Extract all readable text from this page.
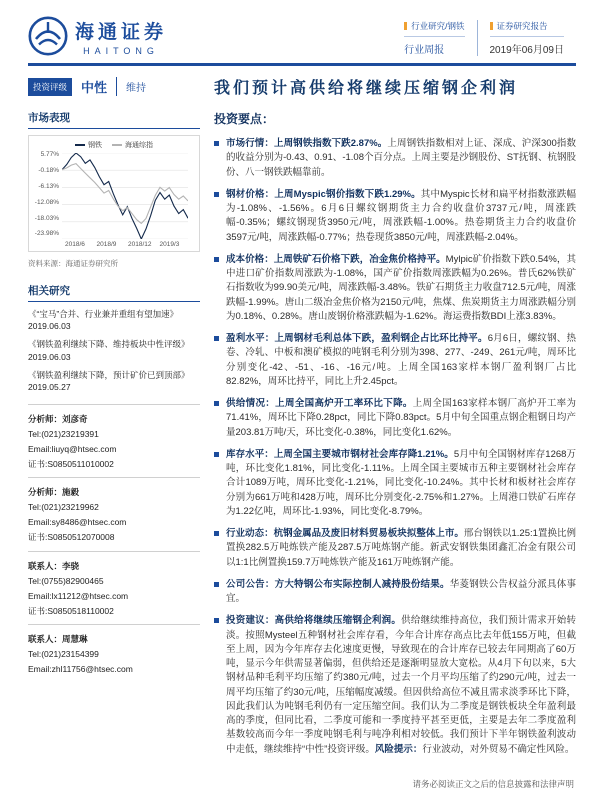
海通证券
HAITONG
行业研究/钢铁
行业周报
证券研究报告
2019年06月09日
投资评级	中性	维持	我们预计高供给将继续压缩钢企利润
市场表现
钢铁	海通综指
5.77%
-0.18%
-6.13%
-12.08%
-18.03%
-23.98%
2018/6 2018/9 2018/12 2019/3
资料来源：海通证券研究所
相关研究
《“宝马”合并、行业兼并重组有望加速》
2019.06.03
《钢铁盈利继续下降、维持板块中性评级》
2019.06.03
《钢铁盈利继续下降，预计矿价已到顶部》
2019.05.27
分析师：刘彦奇
Tel:(021)23219391
Email:liuyq@htsec.com
证书:S0850511010002
分析师：施毅
Tel:(021)23219962
Email:sy8486@htsec.com
证书:S0850512070008
联系人：李骁
Tel:(0755)82900465
Email:lx11212@htsec.com
证书:S0850518110002
联系人：周慧琳
Tel:(021)23154399
Email:zhl11756@htsec.com
投资要点：
市场行情：上周钢铁指数下跌2.87%。上周钢铁指数相对上证、深成、沪深300指数的收益分别为-0.43、0.91、-1.08个百分点。上周主要是沙钢股份、ST抚钢、杭钢股份、八一钢铁跌幅靠前。
钢材价格：上周Myspic钢价指数下跌1.29%。其中Myspic长材和扁平材指数涨跌幅为-1.08%、-1.56%。6月6日螺纹钢期货主力合约收盘价3737元/吨，周涨跌幅-0.35%；螺纹钢现货3950元/吨，周涨跌幅-1.00%。热卷期货主力合约收盘价3597元/吨，周涨跌幅-0.77%；热卷现货3850元/吨，周涨跌幅-2.04%。
成本价格：上周铁矿石价格下跌，冶金焦价格持平。Mylpic矿价指数下跌0.54%，其中进口矿价指数周涨跌为-1.08%，国产矿价指数周涨跌幅为0.26%。普氏62%铁矿石指数收为99.90美元/吨，周涨跌幅-3.48%。铁矿石期货主力收盘712.5元/吨，周涨跌幅-1.99%。唐山二级冶金焦价格为2150元/吨，焦煤、焦炭期货主力周涨跌幅分别为0.18%、0.28%。唐山废钢价格涨跌幅为-1.62%。海运费指数BDI上涨3.83%。
盈利水平：上周钢材毛利总体下跌，盈利钢企占比环比持平。6月6日，螺纹钢、热卷、冷轧、中板和澳矿模拟的吨钢毛利分别为398、277、-249、261元/吨，周环比分别变化-42、-51、-16、-16元/吨。上周全国163家样本钢厂盈利钢厂占比82.82%，周环比持平，同比上升2.45pct。
供给情况：上周全国高炉开工率环比下降。上周全国163家样本钢厂高炉开工率为71.41%，周环比下降0.28pct，同比下降0.83pct。5月中旬全国重点钢企粗钢日均产量203.81万吨/天，环比变化-0.38%，同比变化1.62%。
库存水平：上周全国主要城市钢材社会库存降1.21%。5月中旬全国钢材库存1268万吨，环比变化1.81%，同比变化-1.11%。上周全国主要城市五种主要钢材社会库存合计1089万吨，周环比变化-1.21%，同比变化-10.24%。其中长材和板材社会库存分别为661万吨和428万吨，周环比分别变化-2.75%和1.27%。上周港口铁矿石库存为1.22亿吨，周环比-1.93%，同比变化-8.79%。
行业动态：杭钢金属品及废旧材料贸易板块拟整体上市。邢台钢铁以1.25:1置换比例置换282.5万吨炼铁产能及287.5万吨炼钢产能。新武安钢铁集团鑫汇冶金有限公司以1:1比例置换159.7万吨炼铁产能及161万吨炼钢产能。
公司公告：方大特钢公布实际控制人减持股份结果。华菱钢铁公告权益分派具体事宜。
投资建议：高供给将继续压缩钢企利润。供给继续维持高位，我们预计需求开始转淡。按照Mysteel五种钢材社会库存看，今年合计库存高点比去年低155万吨，但截至上周，因为今年库存去化速度更慢，导致现在的合计库存已较去年同期高了60万吨，显示今年供需显著偏弱，但供给还是逐渐明显放大宽松。从4月下旬以来，5大钢材品种毛利平均压缩了约380元/吨，过去一个月平均压缩了约290元/吨，过去一周平均压缩了约30元/吨，压缩幅度减缓。但因供给高位不减且需求淡季环比下降，因此我们认为吨钢毛利仍有一定压缩空间。我们认为二季度是钢铁板块全年盈利最高的季度，但同比看，二季度可能和一季度持平甚至更低，主要是去年二季度盈利基数较高而今年一季度吨钢毛利与吨净利相对较低。我们预计下半年钢铁盈利波动中走低，继续维持“中性”投资评级。风险提示：行业波动，对外贸易不确定性风险。
请务必阅读正文之后的信息披露和法律声明
